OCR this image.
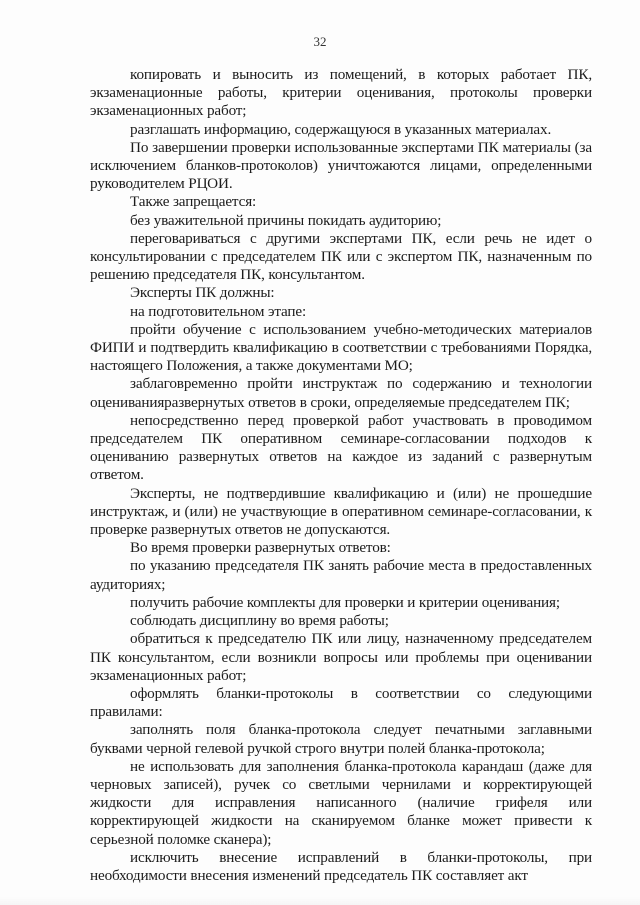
32

копировать и выносить из помещений, в которых работает ПК, экзаменационные работы, критерии оценивания, протоколы проверки экзаменационных работ;

разглашать информацию, содержащуюся в указанных материалах.

По завершении проверки использованные экспертами ПК материалы (за исключением бланков-протоколов) уничтожаются лицами, определенными руководителем РЦОИ.

Также запрещается:

без уважительной причины покидать аудиторию;

переговариваться с другими экспертами ПК, если речь не идет о консультировании с председателем ПК или с экспертом ПК, назначенным по решению председателя ПК, консультантом.

Эксперты ПК должны:

на подготовительном этапе:

пройти обучение с использованием учебно-методических материалов ФИПИ и подтвердить квалификацию в соответствии с требованиями Порядка, настоящего Положения, а также документами МО;

заблаговременно пройти инструктаж по содержанию и технологии оцениванияразвернутых ответов в сроки, определяемые председателем ПК;

непосредственно перед проверкой работ участвовать в проводимом председателем ПК оперативном семинаре-согласовании подходов к оцениванию развернутых ответов на каждое из заданий с развернутым ответом.

Эксперты, не подтвердившие квалификацию и (или) не прошедшие инструктаж, и (или) не участвующие в оперативном семинаре-согласовании, к проверке развернутых ответов не допускаются.

Во время проверки развернутых ответов:

по указанию председателя ПК занять рабочие места в предоставленных аудиториях;

получить рабочие комплекты для проверки и критерии оценивания;

соблюдать дисциплину во время работы;

обратиться к председателю ПК или лицу, назначенному председателем ПК консультантом, если возникли вопросы или проблемы при оценивании экзаменационных работ;

оформлять бланки-протоколы в соответствии со следующими правилами:

заполнять поля бланка-протокола следует печатными заглавными буквами черной гелевой ручкой строго внутри полей бланка-протокола;

не использовать для заполнения бланка-протокола карандаш (даже для черновых записей), ручек со светлыми чернилами и корректирующей жидкости для исправления написанного (наличие грифеля или корректирующей жидкости на сканируемом бланке может привести к серьезной поломке сканера);

исключить внесение исправлений в бланки-протоколы, при необходимости внесения изменений председатель ПК составляет акт
